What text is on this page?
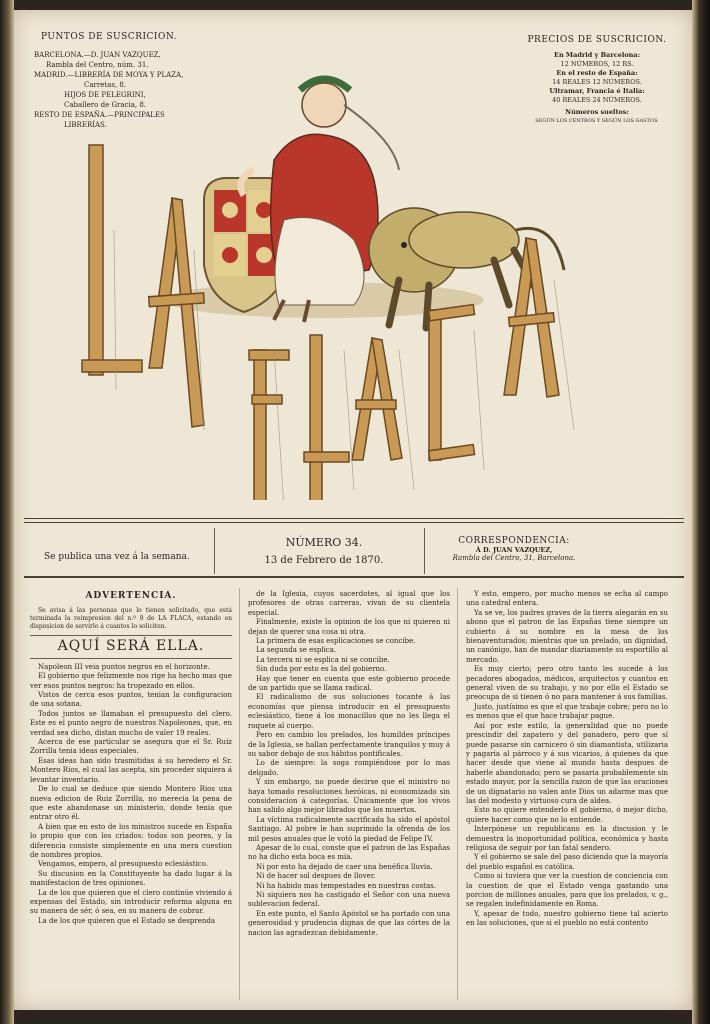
PUNTOS DE SUSCRICION.
BARCELONA.—D. JUAN VAZQUEZ,
Rambla del Centro, núm. 31.
MADRID.—LIBRERÍA DE MOYA Y PLAZA,
Carretas, 8.
HIJOS DE PELEGRINI,
Caballero de Gracia, 8.
RESTO DE ESPAÑA.—PRINCIPALES
LIBRERÍAS.
PRECIOS DE SUSCRICION.
En Madrid y Barcelona:
12 NÚMEROS, 12 RS.
En el resto de España:
14 REALES 12 NÚMEROS.
Ultramar, Francia é Italia:
40 REALES 24 NÚMEROS.
Números sueltos:
SEGÚN LOS CENTROS Y SEGÚN LOS GASTOS.
Se publica una vez á la semana.
NÚMERO 34.
13 de Febrero de 1870.
CORRESPONDENCIA:
Á D. JUAN VAZQUEZ,
Rambla del Centro, 31, Barcelona.
ADVERTENCIA.

Se avisa á las personas que lo tienen solicitado, que está terminada la reimpresion del n.º 9 de LA FLACA, estando en disposicion de servirlo á cuantos lo soliciten.

AQUÍ SERÁ ELLA.

Napoleon III veia puntos negros en el horizonte.

El gobierno que felizmente nos rige ha hecho mas que ver esos puntos negros: ha tropezado en ellos.

Vistos de cerca esos puntos, tenian la configuracion de una sotana.

Todos juntos se llamaban el presupuesto del clero. Este es el punto negro de nuestros Napoleones, que, en verdad sea dicho, distan mucho de valer 19 reales.

Acerca de ese particular se asegura que el Sr. Ruiz Zorrilla tenia ideas especiales.

Esas ideas han sido trasmitidas á su heredero el Sr. Montero Rios, el cual las acepta, sin proceder siquiera á levantar inventario.

De lo cual se deduce que siendo Montero Rios una nueva edicion de Ruiz Zorrilla, no merecia la pena de que este abandonase un ministerio, donde tenia que entrar otro él.

A bien que en esto de los ministros sucede en España lo propio que con los criados: todos son peores, y la diferencia consiste simplemente en una mera cuestion de nombres propios.

Vengamos, empero, al presupuesto eclesiástico.

Su discusion en la Constituyente ha dado lugar á la manifestacion de tres opiniones.

La de los que quieren que el clero continúe viviendo á expensas del Estado, sin introducir reforma alguna en su manera de sér, ó sea, en su manera de cobrar.

La de los que quieren que el Estado se desprenda

de la Iglesia, cuyos sacerdotes, al igual que los profesores de otras carreras, vivan de su clientela especial.

Finalmente, existe la opinion de los que ni quieren ni dejan de querer una cosa ni otra.

La primera de esas esplicaciones se concibe.

La segunda se esplica.

La tercera ni se esplica ni se concibe.

Sin duda por esto es la del gobierno.

Hay que tener en cuenta que este gobierno procede de un partido que se llama radical.

El radicalismo de sus soluciones tocante á las economías que piensa introducir en el presupuesto eclesiástico, tiene á los monacillos que no les llega el roquete al cuerpo.

Pero en cambio los prelados, los humildes príncipes de la Iglesia, se hallan perfectamente tranquilos y muy á su sabor debajo de sus hábitos pontificales.

Lo de siempre: la soga rompiéndose por lo mas delgado.

Y sin embargo, no puede decirse que el ministro no haya tomado resoluciones heróicas, ni economizado sin consideracion á categorías. Únicamente que los vivos han salido algo mejor librados que los muertos.

La víctima radicalmente sacrificada ha sido el apóstol Santiago. Al pobre le han suprimido la ofrenda de los mil pesos anuales que le votó la piedad de Felipe IV.

Apesar de lo cual, conste que el patron de las Españas no ha dicho esta boca es mia.

Ni por esto ha dejado de caer una benéfica lluvia.

Ni de hacer sol despues de llover.

Ni ha habido mas tempestades en nuestras costas.

Ni siquiera nos ha castigado el Señor con una nueva sublevacion federal.

En este punto, el Santo Apóstol se ha portado con una generosidad y prudencia dignas de que las córtes de la nacion las agradezcan debidamente.

Y esto, empero, por mucho menos se echa al campo una catedral entera.

Ya se ve, los padres graves de la tierra alegarán en su abono que el patron de las Españas tiene siempre un cubierto á su nombre en la mesa de los bienaventurados; mientras que un prelado, un dignidad, un canónigo, han de mandar diariamente su esportillo al mercado.

Es muy cierto; pero otro tanto les sucede á los pecadores abogados, médicos, arquitectos y cuantos en general viven de su trabajo, y no por ello el Estado se preocupa de si tienen ó no para mantener á sus familias.

Justo, justísimo es que el que trabaje cobre; pero no lo es menos que el que hace trabajar pague.

Así por este estilo, la generalidad que no puede prescindir del zapatero y del panadero, pero que sí puede pasarse sin carnicero ó sin diamantista, utilizaria y pagaria al párroco y á sus vicarios, á quienes da que hacer desde que viene al mundo hasta despues de haberle abandonado; pero se pasaria probablemente sin estado mayor, por la sencilla razon de que las oraciones de un dignatario no valen ante Dios un adarme mas que las del modesto y virtuoso cura de aldea.

Esto no quiere entenderlo el gobierno, ó mejor dicho, quiere hacer como que no lo entiende.

Interpónese un republicano en la discusion y le demuestra la inoportunidad política, económica y hasta religiosa de seguir por tan fatal sendero.

Y el gobierno se sale del paso diciendo que la mayoría del pueblo español es católica.

Como si tuviera que ver la cuestion de conciencia con la cuestion de que el Estado venga gastando una porcion de millones anuales, para que los prelados, v. g., se regalen indefinidamente en Roma.

Y, apesar de todo, nuestro gobierno tiene tal acierto en las soluciones, que si el pueblo no está contento
